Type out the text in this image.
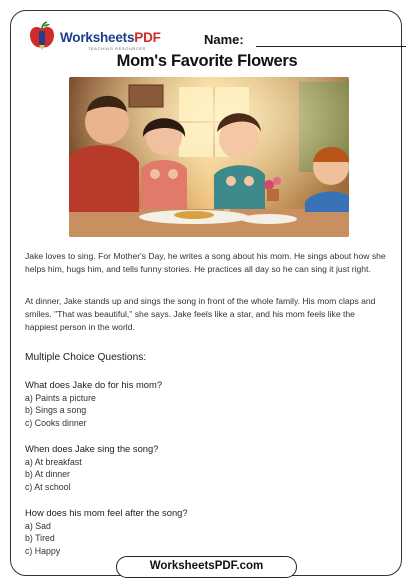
WorksheetsPDF
TEACHING RESOURCES
Name:
Mom's Favorite Flowers

Jake loves to sing. For Mother's Day, he writes a song about his mom. He sings about how she helps him, hugs him, and tells funny stories. He practices all day so he can sing it just right.

At dinner, Jake stands up and sings the song in front of the whole family. His mom claps and smiles. "That was beautiful," she says. Jake feels like a star, and his mom feels like the happiest person in the world.

Multiple Choice Questions:
What does Jake do for his mom?
a) Paints a picture
b) Sings a song
c) Cooks dinner
When does Jake sing the song?
a) At breakfast
b) At dinner
c) At school
How does his mom feel after the song?
a) Sad
b) Tired
c) Happy
WorksheetsPDF.com
